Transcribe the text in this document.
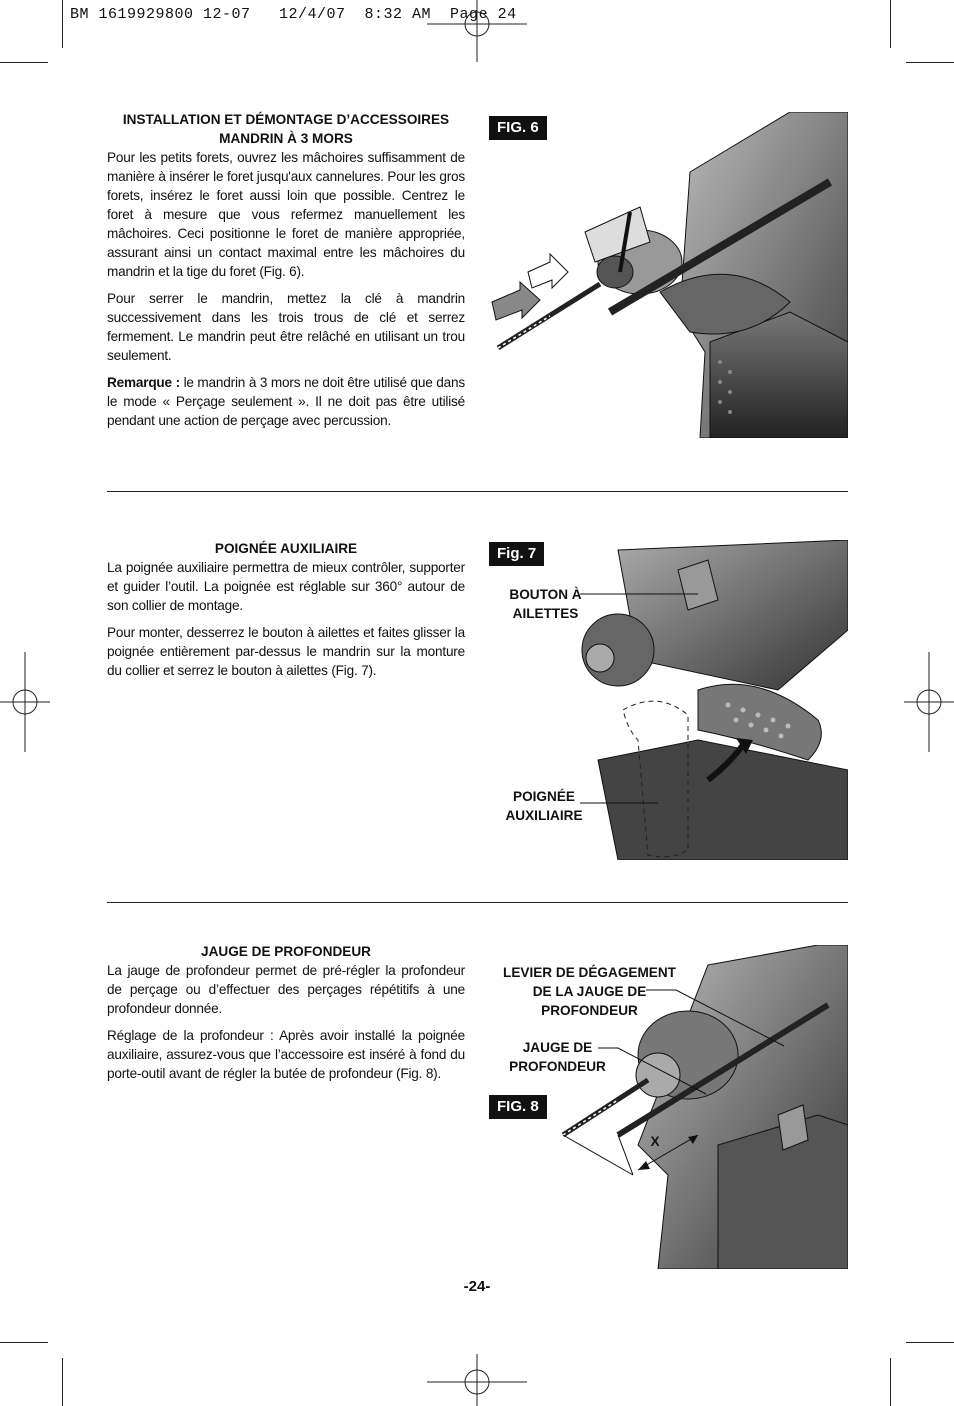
BM 1619929800 12-07   12/4/07  8:32 AM  Page 24
INSTALLATION ET DÉMONTAGE D’ACCESSOIRES
MANDRIN À 3 MORS

Pour les petits forets, ouvrez les mâchoires suffisamment de manière à insérer le foret jusqu'aux cannelures. Pour les gros forets, insérez le foret aussi loin que possible. Centrez le foret à mesure que vous refermez manuellement les mâchoires. Ceci positionne le foret de manière appropriée, assurant ainsi un contact maximal entre les mâchoires du mandrin et la tige du foret (Fig. 6).

Pour serrer le mandrin, mettez la clé à mandrin successivement dans les trois trous de clé et serrez fermement. Le mandrin peut être relâché en utilisant un trou seulement.

Remarque : le mandrin à 3 mors ne doit être utilisé que dans le mode « Perçage seulement ». Il ne doit pas être utilisé pendant une action de perçage avec percussion.

FIG. 6
POIGNÉE AUXILIAIRE

La poignée auxiliaire permettra de mieux contrôler, supporter et guider l’outil. La poignée est réglable sur 360° autour de son collier de montage.

Pour monter, desserrez le bouton à ailettes et faites glisser la poignée entièrement par-dessus le mandrin sur la monture du collier et serrez le bouton à ailettes (Fig. 7).

Fig. 7
BOUTON À
AILETTES
POIGNÉE
AUXILIAIRE
JAUGE DE PROFONDEUR

La jauge de profondeur permet de pré-régler la profondeur de perçage ou d’effectuer des perçages répétitifs à une profondeur donnée.

Réglage de la profondeur : Après avoir installé la poignée auxiliaire, assurez-vous que l’accessoire est inséré à fond du porte-outil avant de régler la butée de profondeur (Fig. 8).

FIG. 8
X
LEVIER DE DÉGAGEMENT
DE LA JAUGE DE
PROFONDEUR
JAUGE DE
PROFONDEUR
-24-
